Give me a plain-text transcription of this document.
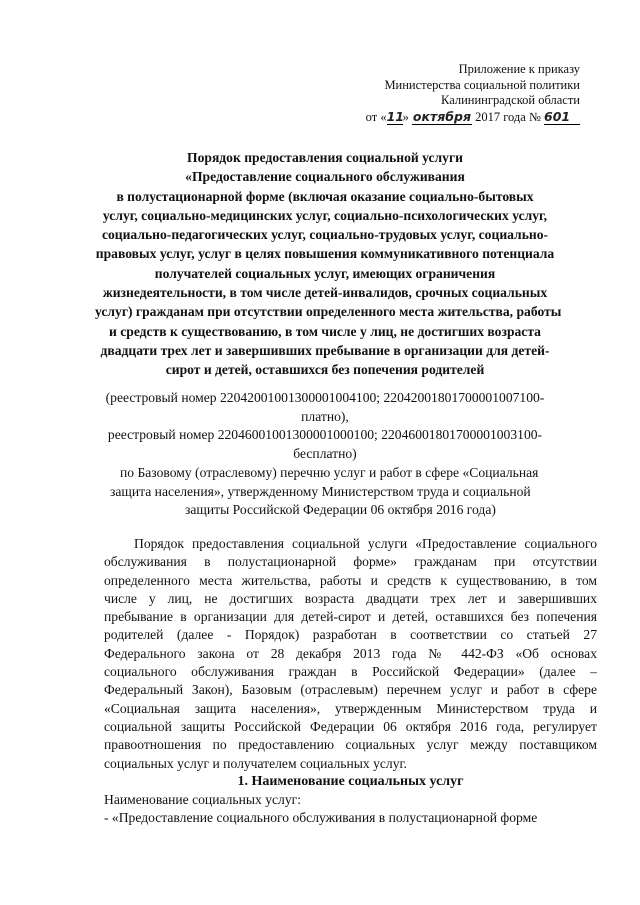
Приложение к приказу
Министерства социальной политики
Калининградской области
от «11» октября 2017 года № 601
Порядок предоставления социальной услуги
«Предоставление социального обслуживания
в полустационарной форме (включая оказание социально-бытовых
услуг, социально-медицинских услуг, социально-психологических услуг,
социально-педагогических услуг, социально-трудовых услуг, социально-
правовых услуг, услуг в целях повышения коммуникативного потенциала
получателей социальных услуг, имеющих ограничения
жизнедеятельности, в том числе детей-инвалидов, срочных социальных
услуг) гражданам при отсутствии определенного места жительства, работы
и средств к существованию, в том числе у лиц, не достигших возраста
двадцати трех лет и завершивших пребывание в организации для детей-
сирот и детей, оставшихся без попечения родителей
(реестровый номер 22042001001300001004100; 22042001801700001007100-
платно),
реестровый номер 22046001001300001000100; 22046001801700001003100-
бесплатно)
по Базовому (отраслевому) перечню услуг и работ в сфере «Социальная
защита населения», утвержденному Министерством труда и социальной
защиты Российской Федерации 06 октября 2016 года)
Порядок предоставления социальной услуги «Предоставление социального
обслуживания в полустационарной форме» гражданам при отсутствии
определенного места жительства, работы и средств к существованию, в том
числе у лиц, не достигших возраста двадцати трех лет и завершивших
пребывание в организации для детей-сирот и детей, оставшихся без попечения
родителей (далее - Порядок) разработан в соответствии со статьей 27
Федерального закона от 28 декабря 2013 года № 442-ФЗ «Об основах
социального обслуживания граждан в Российской Федерации» (далее –
Федеральный Закон), Базовым (отраслевым) перечнем услуг и работ в сфере
«Социальная защита населения», утвержденным Министерством труда и
социальной защиты Российской Федерации 06 октября 2016 года, регулирует
правоотношения по предоставлению социальных услуг между поставщиком
социальных услуг и получателем социальных услуг.
1. Наименование социальных услуг
Наименование социальных услуг:
- «Предоставление социального обслуживания в полустационарной форме
